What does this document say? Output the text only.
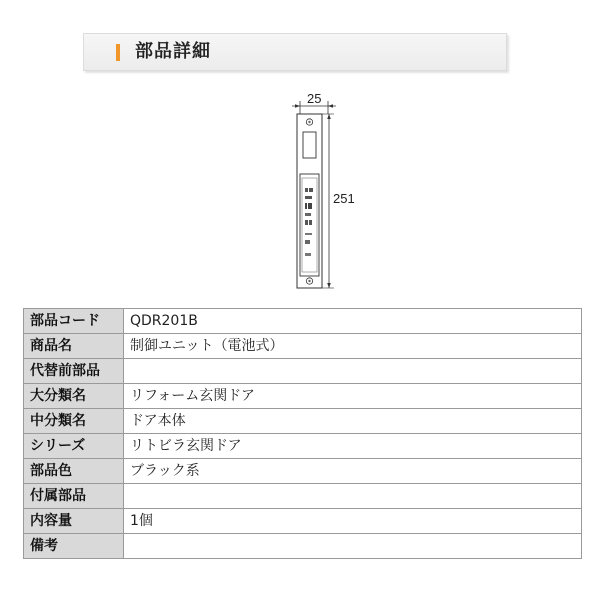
部品詳細
25
251
部品コード	QDR201B
商品名	制御ユニット（電池式）
代替前部品	
大分類名	リフォーム玄関ドア
中分類名	ドア本体
シリーズ	リトビラ玄関ドア
部品色	ブラック系
付属部品	
内容量	1個
備考	
